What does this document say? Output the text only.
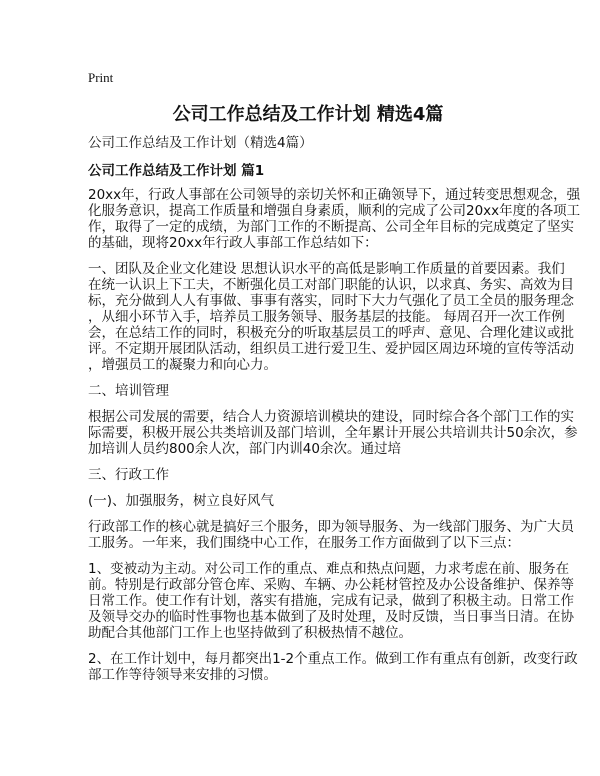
Print
公司工作总结及工作计划 精选4篇
公司工作总结及工作计划（精选4篇）
公司工作总结及工作计划 篇1

20xx年，行政人事部在公司领导的亲切关怀和正确领导下，通过转变思想观念，强
化服务意识，提高工作质量和增强自身素质，顺利的完成了公司20xx年度的各项工
作，取得了一定的成绩，为部门工作的不断提高、公司全年目标的完成奠定了坚实
的基础，现将20xx年行政人事部工作总结如下：

一、团队及企业文化建设 思想认识水平的高低是影响工作质量的首要因素。我们
在统一认识上下工夫，不断强化员工对部门职能的认识，以求真、务实、高效为目
标，充分做到人人有事做、事事有落实，同时下大力气强化了员工全员的服务理念
，从细小环节入手，培养员工服务领导、服务基层的技能。 每周召开一次工作例
会，在总结工作的同时，积极充分的听取基层员工的呼声、意见、合理化建议或批
评。不定期开展团队活动，组织员工进行爱卫生、爱护园区周边环境的宣传等活动
，增强员工的凝聚力和向心力。

二、培训管理

根据公司发展的需要，结合人力资源培训模块的建设，同时综合各个部门工作的实
际需要，积极开展公共类培训及部门培训，全年累计开展公共培训共计50余次，参
加培训人员约800余人次，部门内训40余次。通过培

三、行政工作

(一)、加强服务，树立良好风气

行政部工作的核心就是搞好三个服务，即为领导服务、为一线部门服务、为广大员
工服务。一年来，我们围绕中心工作，在服务工作方面做到了以下三点：

1、变被动为主动。对公司工作的重点、难点和热点问题，力求考虑在前、服务在
前。特别是行政部分管仓库、采购、车辆、办公耗材管控及办公设备维护、保养等
日常工作。使工作有计划，落实有措施，完成有记录，做到了积极主动。日常工作
及领导交办的临时性事物也基本做到了及时处理，及时反馈，当日事当日清。在协
助配合其他部门工作上也坚持做到了积极热情不越位。

2、在工作计划中，每月都突出1-2个重点工作。做到工作有重点有创新，改变行政
部工作等待领导来安排的习惯。
